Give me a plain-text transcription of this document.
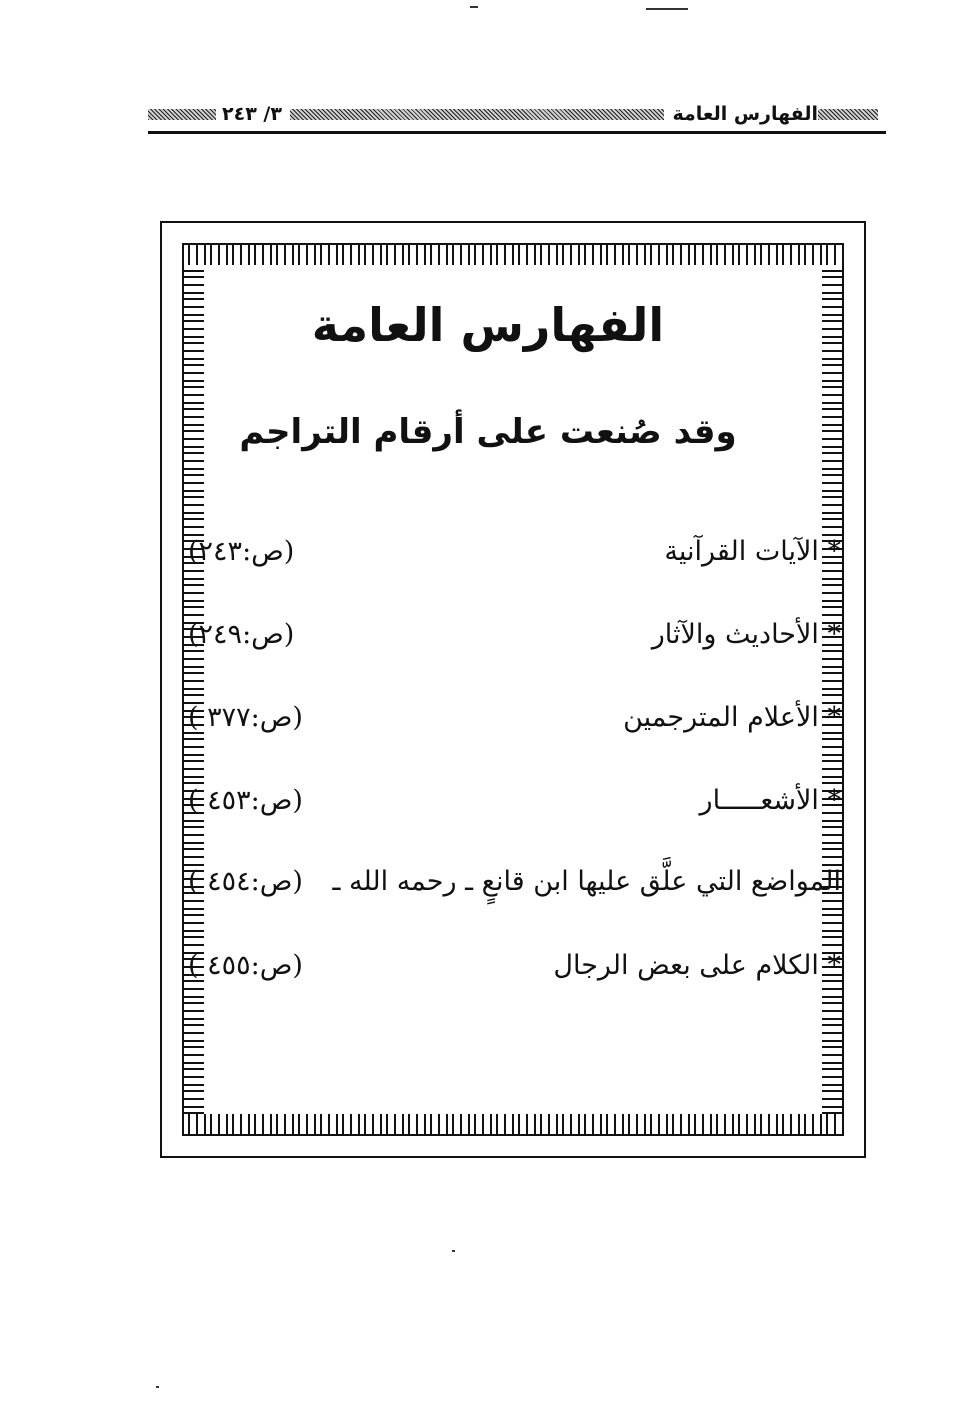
الفهارس العامة
٣/ ٢٤٣
الفهارس العامة
وقد صُنعت على أرقام التراجم
* الآيات القرآنية
(ص:٢٤٣)
* الأحاديث والآثار
(ص:٢٤٩)
* الأعلام المترجمين
(ص:٣٧٧ )
* الأشعـــــار
(ص:٤٥٣ )
المواضع التي علَّق عليها ابن قانعٍ ـ رحمه الله ـ
(ص:٤٥٤ )
* الكلام على بعض الرجال
(ص:٤٥٥ )
